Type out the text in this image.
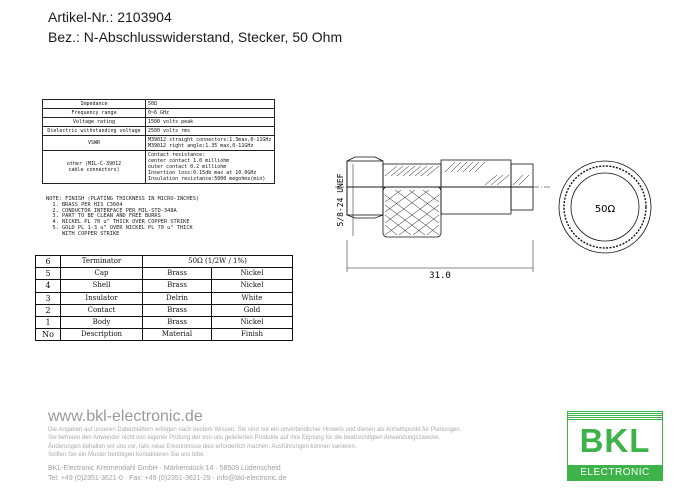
Artikel-Nr.: 2103904
Bez.: N-Abschlusswiderstand, Stecker, 50 Ohm
Impedance	50Ω
Frequency range	0~6 GHz
Voltage rating	1500 volts peak
Dielectric withstanding voltage	2500 volts rms
VSWR	M39012 straight connectors:1.3max,0-11GHz
M39012 right angle:1.35 max,0-11GHz
other (MIL-C-39012
cable connectors)	Contact resistance:
center contact 1.0 milliohm
outer contact 0.2 milliohm
Insertion loss:0.15db max at 10.0GHz
Insulation resistance:5000 megohms(min)
NOTE: FINISH (PLATING THICKNESS IN MICRO-INCHES)
1. BRASS PER HIS C3604
2. CONDUCTOR INTERFACE PER MIL-STD-348A
3. PART TO BE CLEAN AND FREE BURRS
4. NICKEL PL 70 u" THICK OVER COPPER STRIKE
5. GOLD PL 1-3 u" OVER NICKEL PL 70 u" THICK
WITH COPPER STRIKE
6	Terminator	50Ω (1/2W / 1%)	
5	Cap	Brass	Nickel
4	Shell	Brass	Nickel
3	Insulator	Delrin	White
2	Contact	Brass	Gold
1	Body	Brass	Nickel
No	Description	Material	Finish
5/8-24 UNEF
31.0
50Ω
www.bkl-electronic.de
Die Angaben auf unseren Datenblättern erfolgen nach bestem Wissen. Sie sind nur ein unverbindlicher Hinweis und dienen als Anhaltspunkt für Planungen.
Sie befreien den Anwender nicht von eigener Prüfung der von uns gelieferten Produkte auf ihre Eignung für die beabsichtigten Anwendungszwecke.
Änderungen behalten wir uns vor, falls neue Erkenntnisse dies erforderlich machen. Ausführungen können variieren.
Sollten Sie ein Muster benötigen kontaktieren Sie uns bitte.
BKL-Electronic Kreimendahl GmbH · Märkenstück 14 · 58509 Lüdenscheid
Tel: +49 (0)2351-3621-0 · Fax: +49 (0)2351-3621-29 · info@bkl-electronic.de
BKL
ELECTRONIC
